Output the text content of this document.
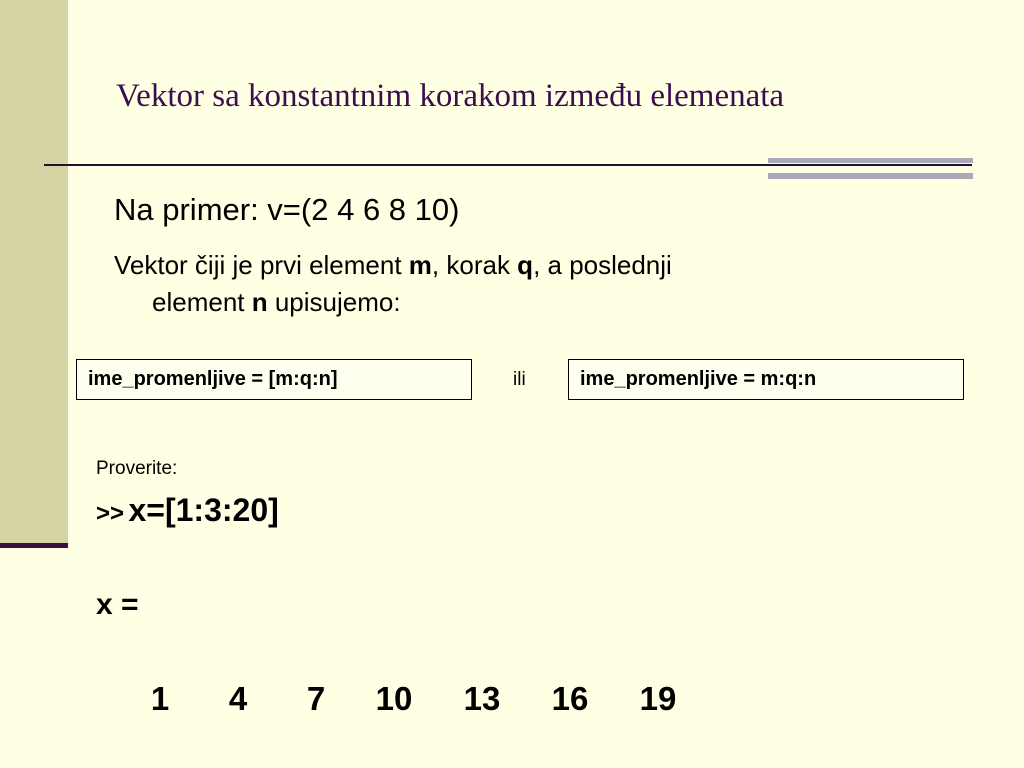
Vektor sa konstantnim korakom između elemenata
Na primer: v=(2 4 6 8 10)
Vektor čiji je prvi element m, korak q, a poslednji
element n upisujemo:
ime_promenljive = [m:q:n]	ili	ime_promenljive = m:q:n
Proverite:
>> x=[1:3:20]
x =
1 4 7 10 13 16 19
